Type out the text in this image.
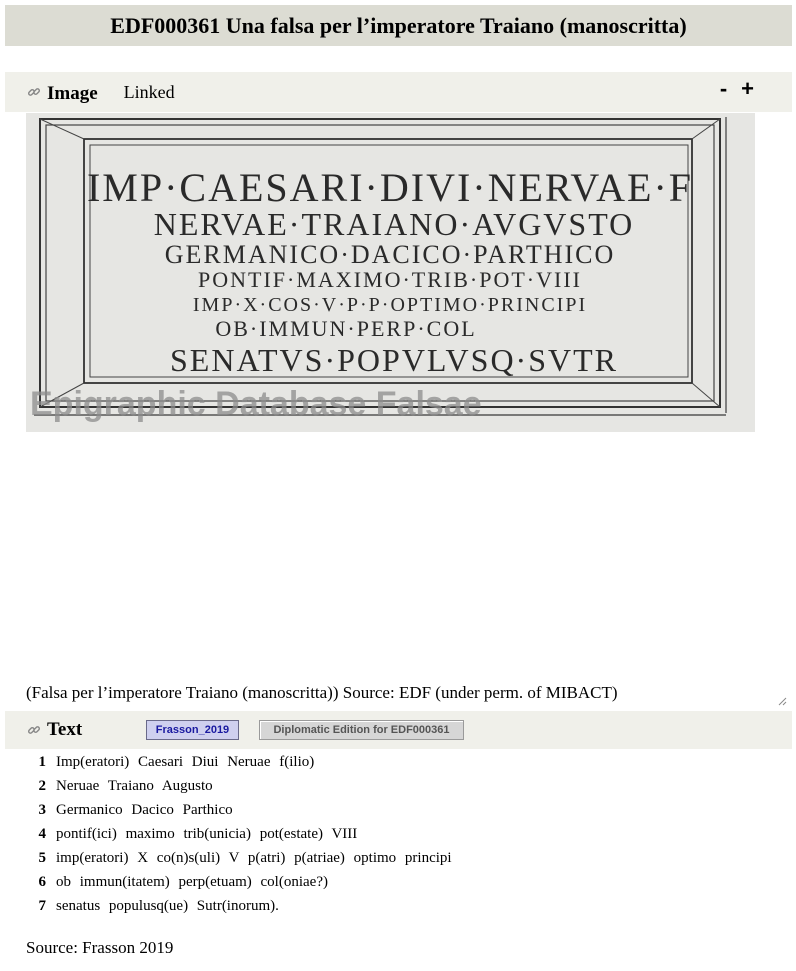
EDF000361 Una falsa per l’imperatore Traiano (manoscritta)
Image Linked	- +
IMP·CAESARI·DIVI·NERVAE·F
NERVAE·TRAIANO·AVGVSTO
GERMANICO·DACICO·PARTHICO
PONTIF·MAXIMO·TRIB·POT·VIII
IMP·X·COS·V·P·P·OPTIMO·PRINCIPI
OB·IMMUN·PERP·COL
SENATVS·POPVLVSQ·SVTR
Epigraphic Database Falsae
(Falsa per l’imperatore Traiano (manoscritta)) Source: EDF (under perm. of MIBACT)
Text	Frasson_2019	Diplomatic Edition for EDF000361
1 Imp(eratori) Caesari Diui Neruae f(ilio)
2 Neruae Traiano Augusto
3 Germanico Dacico Parthico
4 pontif(ici) maximo trib(unicia) pot(estate) VIII
5 imp(eratori) X co(n)s(uli) V p(atri) p(atriae) optimo principi
6 ob immun(itatem) perp(etuam) col(oniae?)
7 senatus populusq(ue) Sutr(inorum).
Source: Frasson 2019
